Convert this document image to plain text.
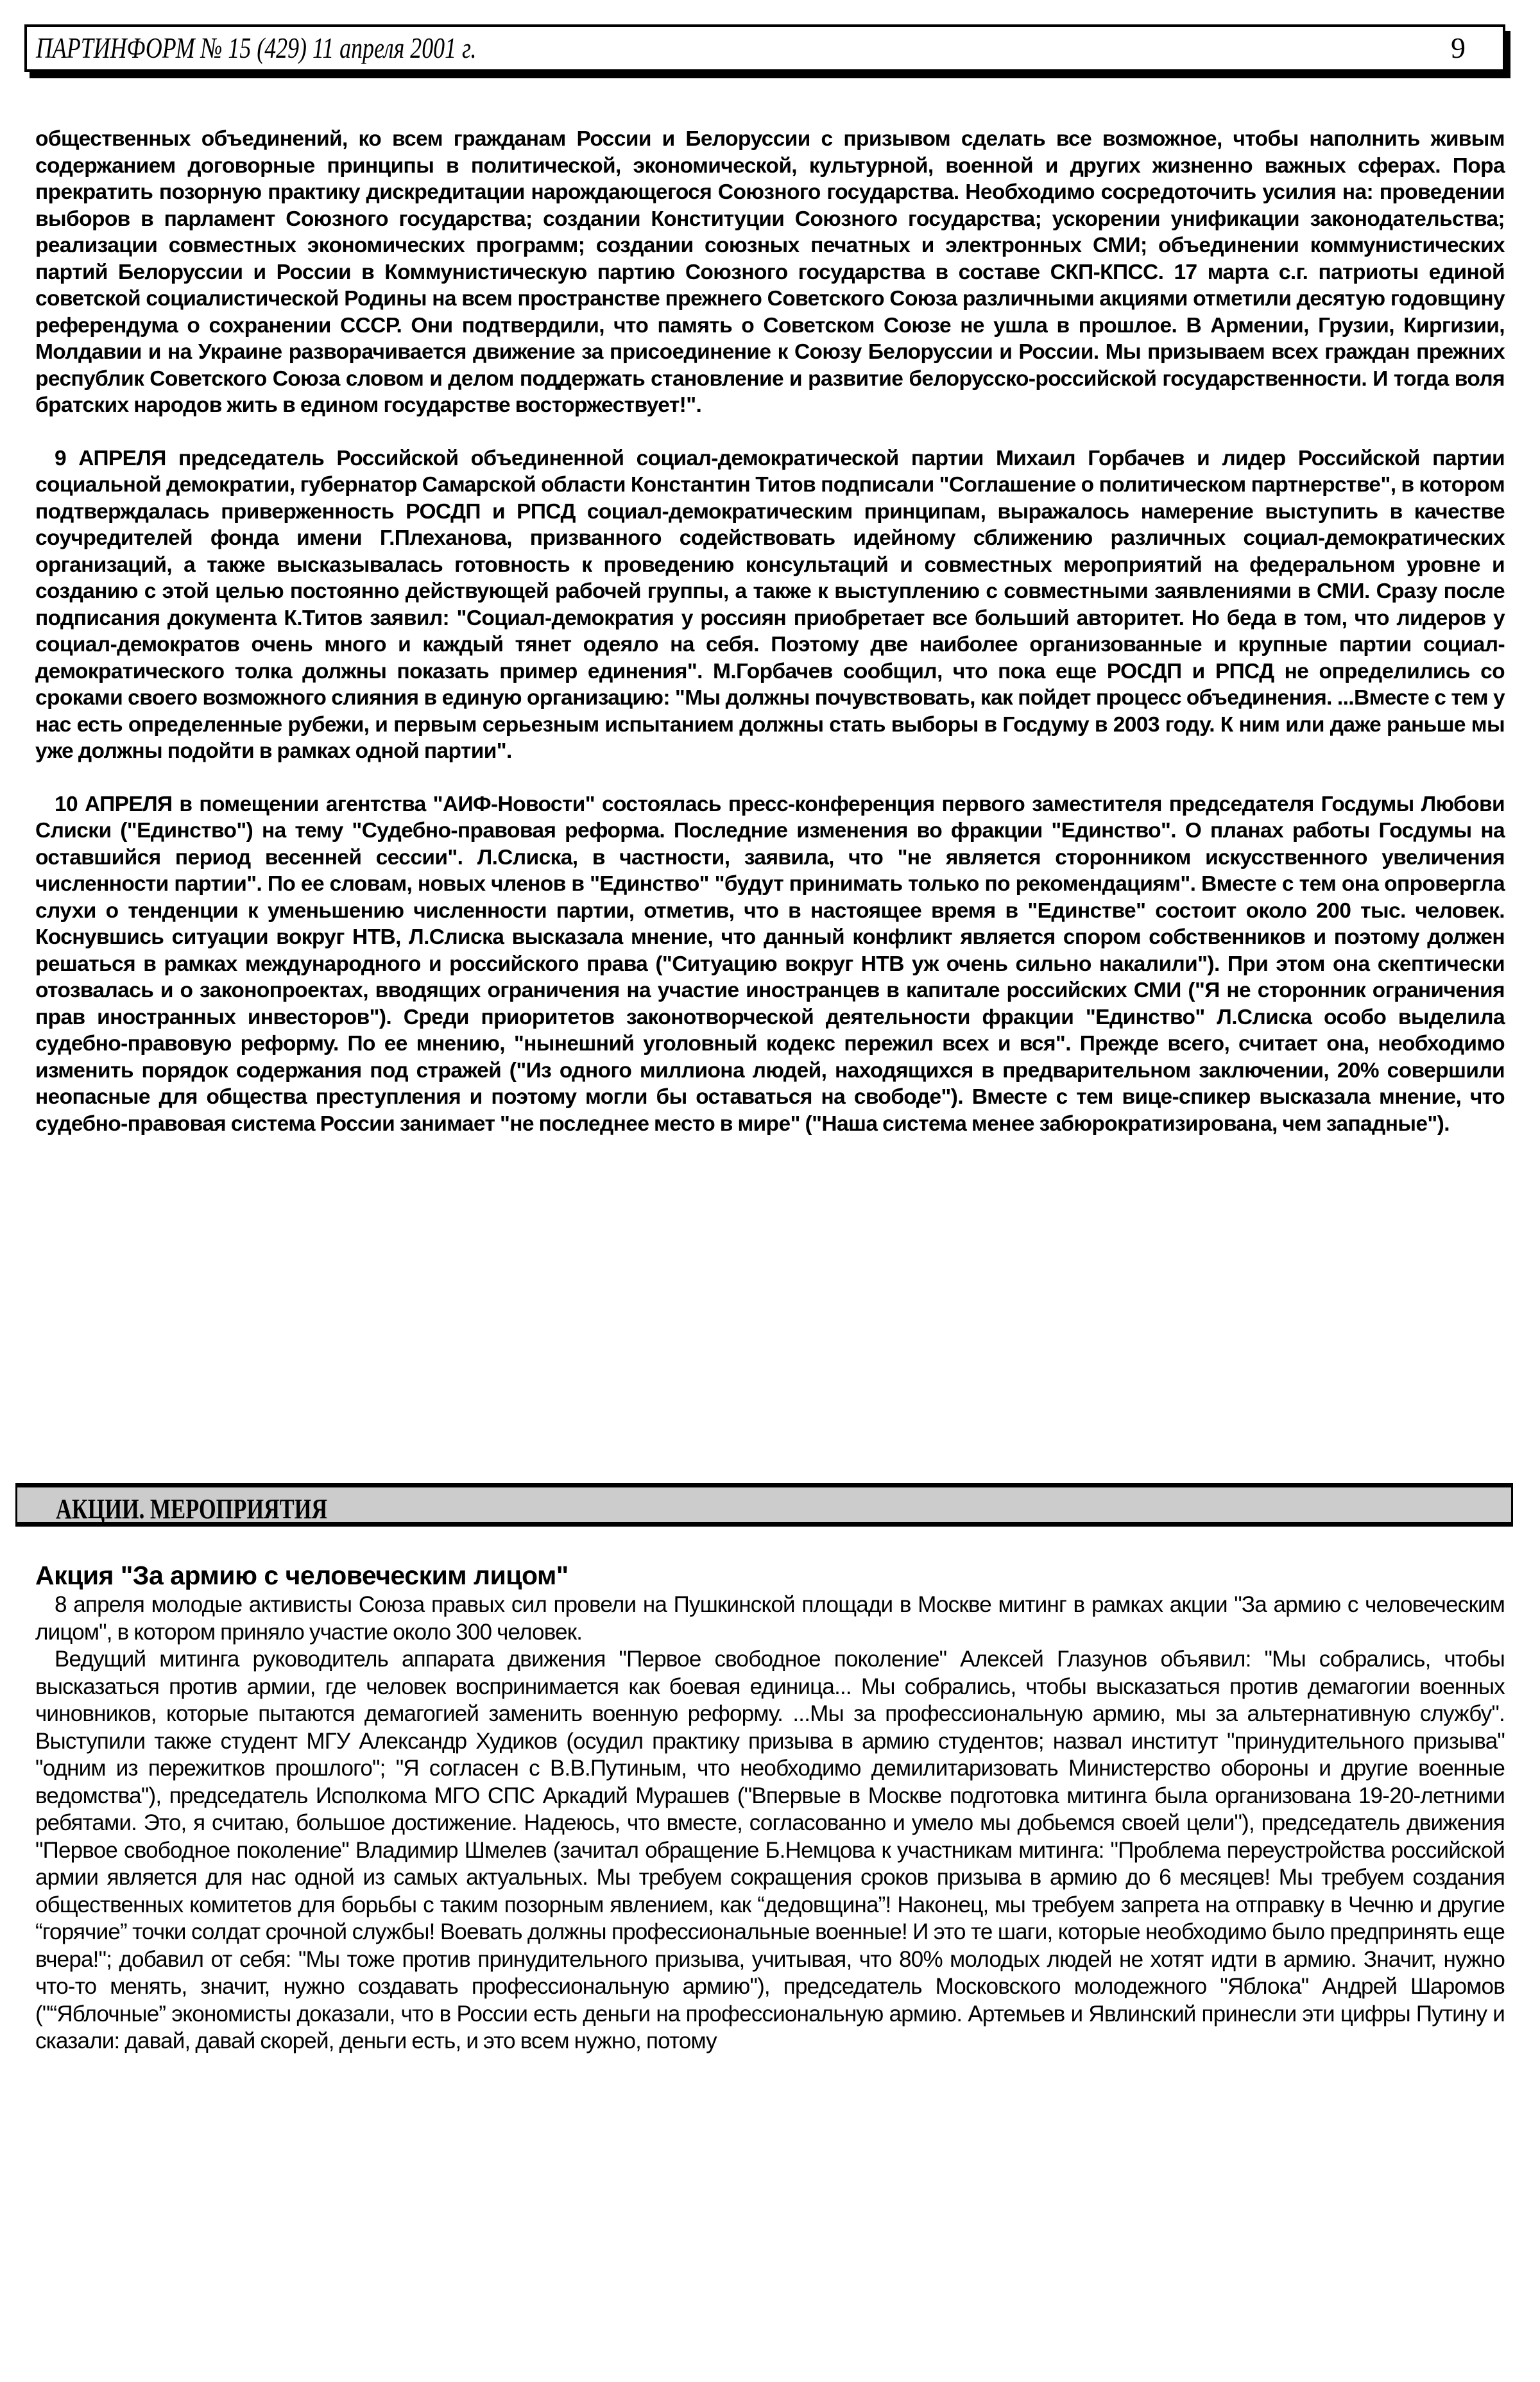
ПАРТИНФОРМ № 15 (429) 11 апреля 2001 г.	9

общественных объединений, ко всем гражданам России и Белоруссии с призывом сделать все возможное, чтобы наполнить живым содержанием договорные принципы в политической, экономической, культурной, военной и других жизненно важных сферах. Пора прекратить позорную практику дискредитации нарождающегося Союзного государства. Необходимо сосредоточить усилия на: проведении выборов в парламент Союзного государства; создании Конституции Союзного государства; ускорении унификации законодательства; реализации совместных экономических программ; создании союзных печатных и электронных СМИ; объединении коммунистических партий Белоруссии и России в Коммунистическую партию Союзного государства в составе СКП-КПСС. 17 марта с.г. патриоты единой советской социалистической Родины на всем пространстве прежнего Советского Союза различными акциями отметили десятую годовщину референдума о сохранении СССР. Они подтвердили, что память о Советском Союзе не ушла в прошлое. В Армении, Грузии, Киргизии, Молдавии и на Украине разворачивается движение за присоединение к Союзу Белоруссии и России. Мы призываем всех граждан прежних республик Советского Союза словом и делом поддержать становление и развитие белорусско-российской государственности. И тогда воля братских народов жить в едином государстве восторжествует!".

9 АПРЕЛЯ председатель Российской объединенной социал-демократической партии Михаил Горбачев и лидер Российской партии социальной демократии, губернатор Самарской области Константин Титов подписали "Соглашение о политическом партнерстве", в котором подтверждалась приверженность РОСДП и РПСД социал-демократическим принципам, выражалось намерение выступить в качестве соучредителей фонда имени Г.Плеханова, призванного содействовать идейному сближению различных социал-демократических организаций, а также высказывалась готовность к проведению консультаций и совместных мероприятий на федеральном уровне и созданию с этой целью постоянно действующей рабочей группы, а также к выступлению с совместными заявлениями в СМИ. Сразу после подписания документа К.Титов заявил: "Социал-демократия у россиян приобретает все больший авторитет. Но беда в том, что лидеров у социал-демократов очень много и каждый тянет одеяло на себя. Поэтому две наиболее организованные и крупные партии социал-демократического толка должны показать пример единения". М.Горбачев сообщил, что пока еще РОСДП и РПСД не определились со сроками своего возможного слияния в единую организацию: "Мы должны почувствовать, как пойдет процесс объединения. ...Вместе с тем у нас есть определенные рубежи, и первым серьезным испытанием должны стать выборы в Госдуму в 2003 году. К ним или даже раньше мы уже должны подойти в рамках одной партии".

10 АПРЕЛЯ в помещении агентства "АИФ-Новости" состоялась пресс-конференция первого заместителя председателя Госдумы Любови Слиски ("Единство") на тему "Судебно-правовая реформа. Последние изменения во фракции "Единство". О планах работы Госдумы на оставшийся период весенней сессии". Л.Слиска, в частности, заявила, что "не является сторонником искусственного увеличения численности партии". По ее словам, новых членов в "Единство" "будут принимать только по рекомендациям". Вместе с тем она опровергла слухи о тенденции к уменьшению численности партии, отметив, что в настоящее время в "Единстве" состоит около 200 тыс. человек. Коснувшись ситуации вокруг НТВ, Л.Слиска высказала мнение, что данный конфликт является спором собственников и поэтому должен решаться в рамках международного и российского права ("Ситуацию вокруг НТВ уж очень сильно накалили"). При этом она скептически отозвалась и о законопроектах, вводящих ограничения на участие иностранцев в капитале российских СМИ ("Я не сторонник ограничения прав иностранных инвесторов"). Среди приоритетов законотворческой деятельности фракции "Единство" Л.Слиска особо выделила судебно-правовую реформу. По ее мнению, "нынешний уголовный кодекс пережил всех и вся". Прежде всего, считает она, необходимо изменить порядок содержания под стражей ("Из одного миллиона людей, находящихся в предварительном заключении, 20% совершили неопасные для общества преступления и поэтому могли бы оставаться на свободе"). Вместе с тем вице-спикер высказала мнение, что судебно-правовая система России занимает "не последнее место в мире" ("Наша система менее забюрократизирована, чем западные").

АКЦИИ. МЕРОПРИЯТИЯ
Акция "За армию с человеческим лицом"

8 апреля молодые активисты Союза правых сил провели на Пушкинской площади в Москве митинг в рамках акции "За армию с человеческим лицом", в котором приняло участие около 300 человек.

Ведущий митинга руководитель аппарата движения "Первое свободное поколение" Алексей Глазунов объявил: "Мы собрались, чтобы высказаться против армии, где человек воспринимается как боевая единица... Мы собрались, чтобы высказаться против демагогии военных чиновников, которые пытаются демагогией заменить военную реформу. ...Мы за профессиональную армию, мы за альтернативную службу". Выступили также студент МГУ Александр Худиков (осудил практику призыва в армию студентов; назвал институт "принудительного призыва" "одним из пережитков прошлого"; "Я согласен с В.В.Путиным, что необходимо демилитаризовать Министерство обороны и другие военные ведомства"), председатель Исполкома МГО СПС Аркадий Мурашев ("Впервые в Москве подготовка митинга была организована 19-20-летними ребятами. Это, я считаю, большое достижение. Надеюсь, что вместе, согласованно и умело мы добьемся своей цели"), председатель движения "Первое свободное поколение" Владимир Шмелев (зачитал обращение Б.Немцова к участникам митинга: "Проблема переустройства российской армии является для нас одной из самых актуальных. Мы требуем сокращения сроков призыва в армию до 6 месяцев! Мы требуем создания общественных комитетов для борьбы с таким позорным явлением, как “дедовщина”! Наконец, мы требуем запрета на отправку в Чечню и другие “горячие” точки солдат срочной службы! Воевать должны профессиональные военные! И это те шаги, которые необходимо было предпринять еще вчера!"; добавил от себя: "Мы тоже против принудительного призыва, учитывая, что 80% молодых людей не хотят идти в армию. Значит, нужно что-то менять, значит, нужно создавать профессиональную армию"), председатель Московского молодежного "Яблока" Андрей Шаромов ("“Яблочные” экономисты доказали, что в России есть деньги на профессиональную армию. Артемьев и Явлинский принесли эти цифры Путину и сказали: давай, давай скорей, деньги есть, и это всем нужно, потому
